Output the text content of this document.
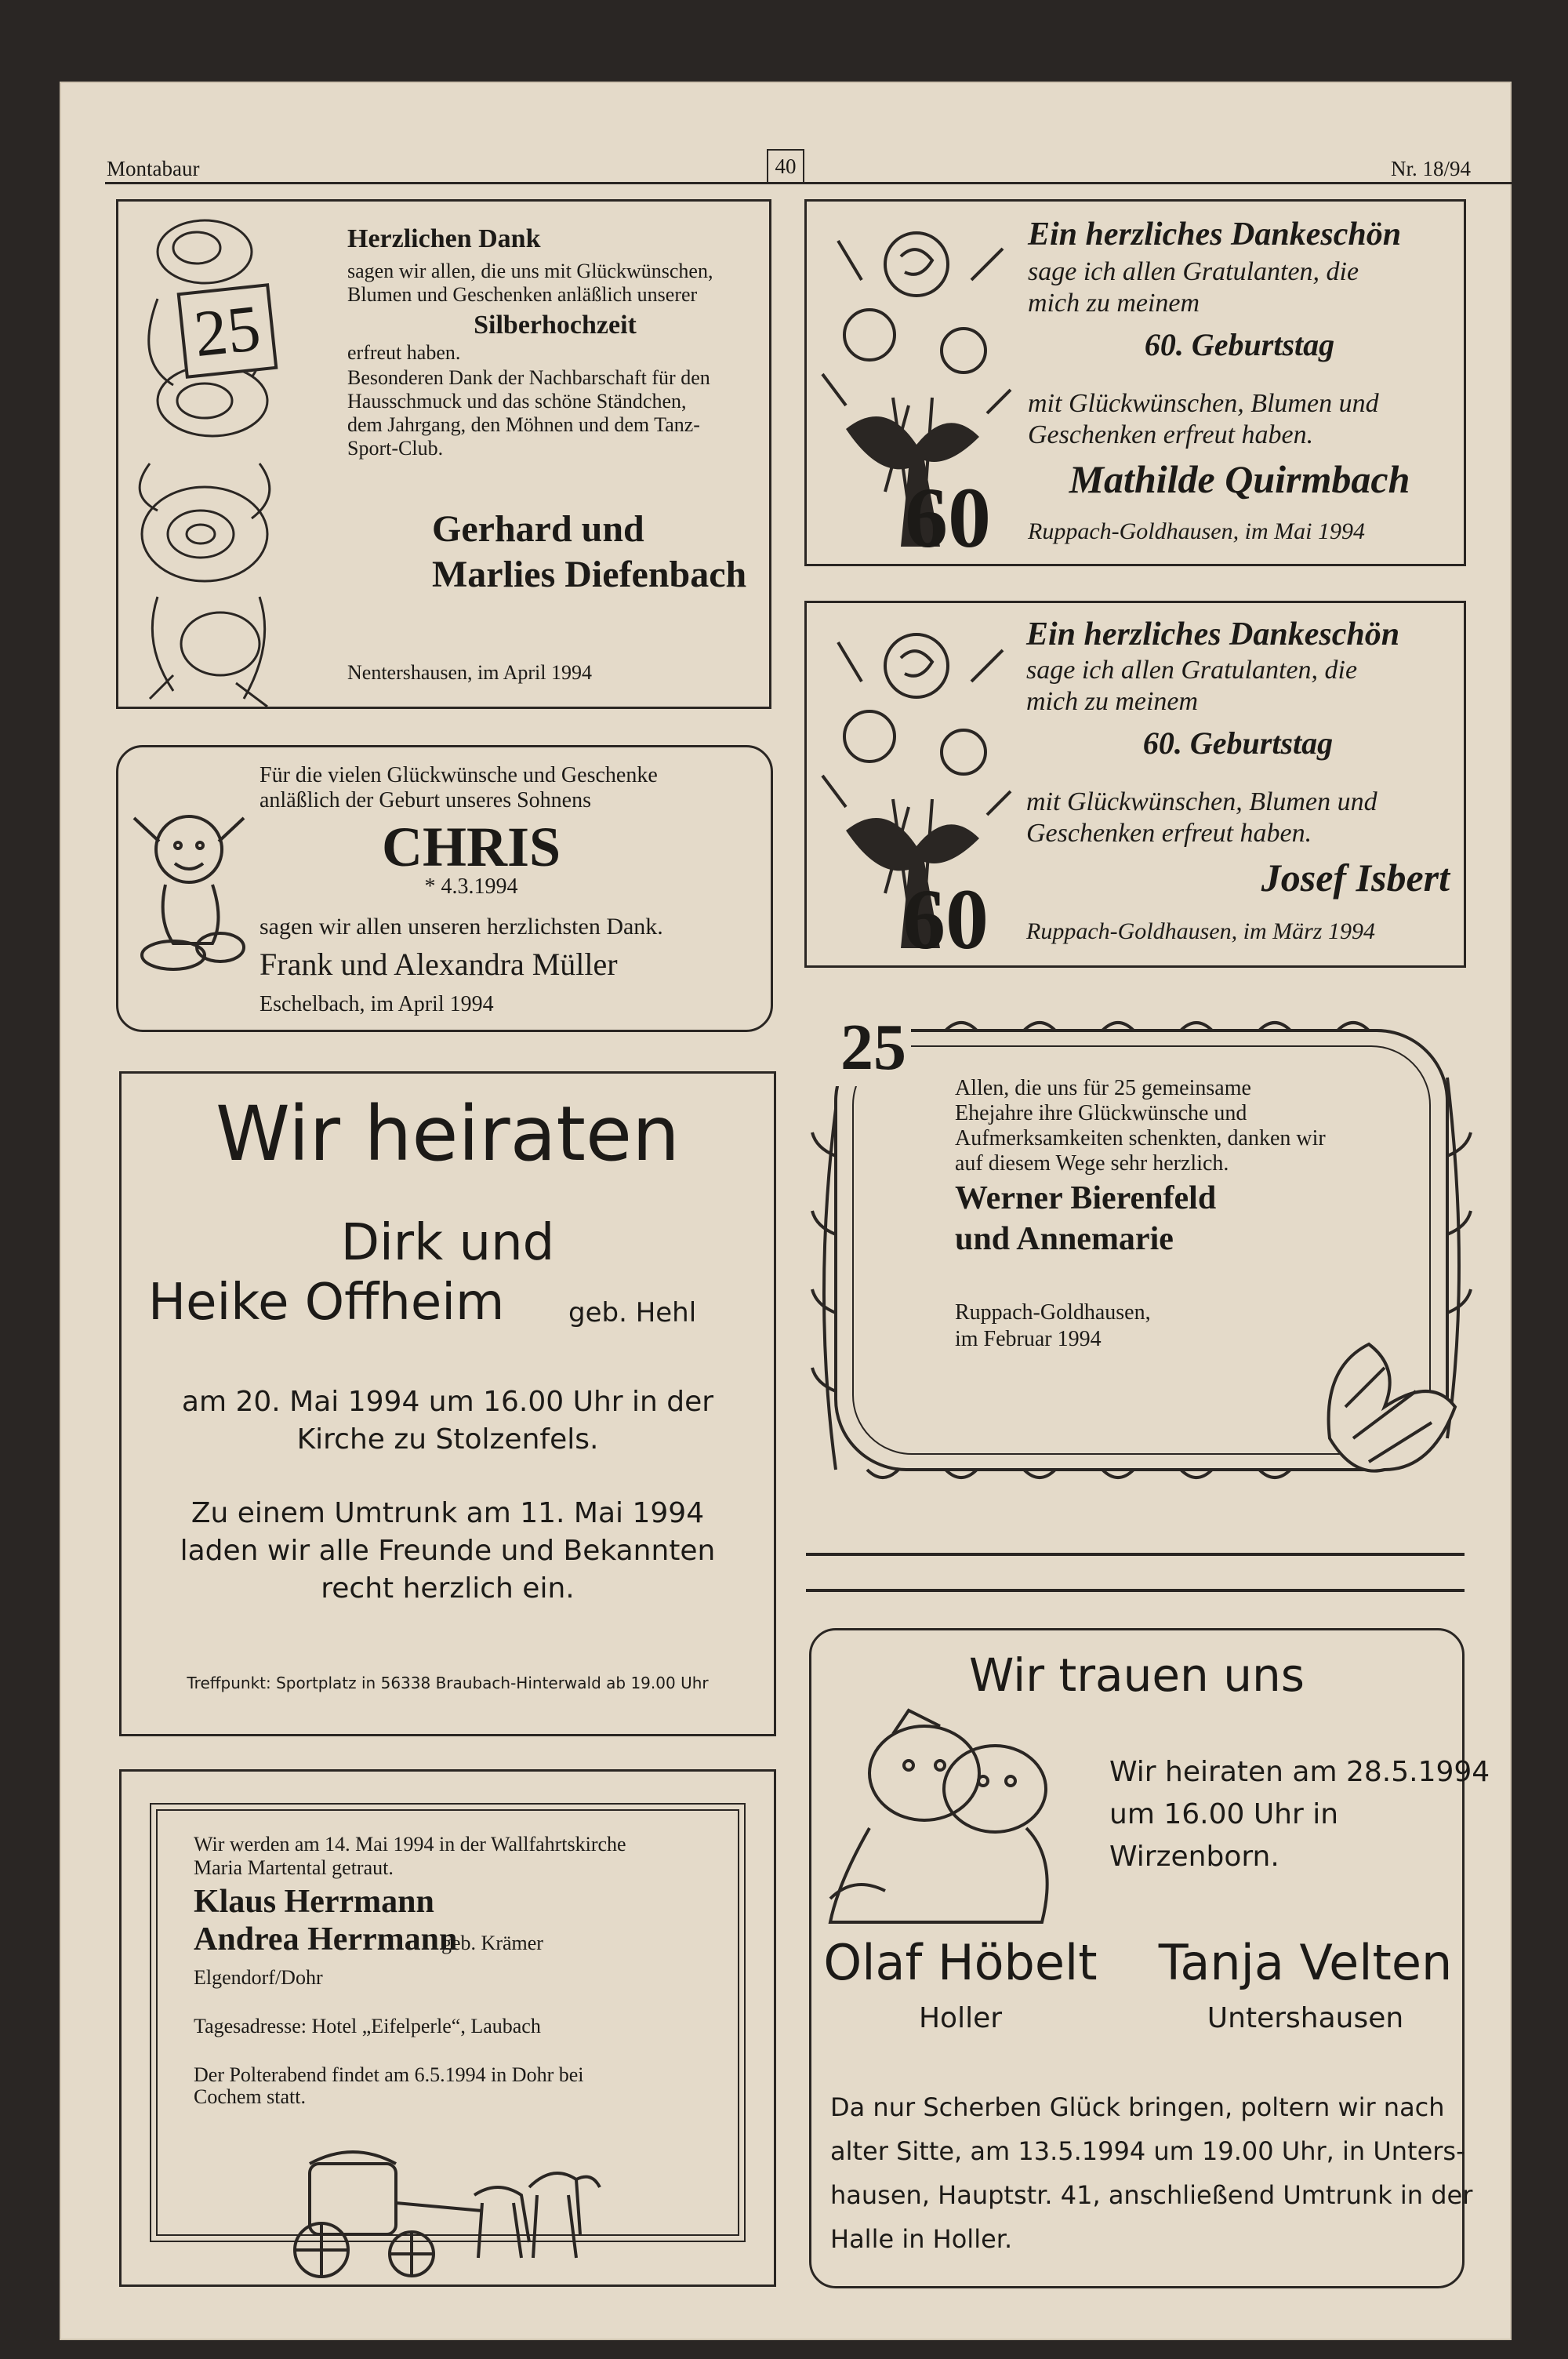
Montabaur	40	Nr. 18/94
25
Herzlichen Dank
sagen wir allen, die uns mit Glückwünschen,
Blumen und Geschenken anläßlich unserer
Silberhochzeit
erfreut haben.
Besonderen Dank der Nachbarschaft für den
Hausschmuck und das schöne Ständchen,
dem Jahrgang, den Möhnen und dem Tanz-
Sport-Club.
Gerhard und
Marlies Diefenbach
Nentershausen, im April 1994
60
Ein herzliches Dankeschön
sage ich allen Gratulanten, die
mich zu meinem
60. Geburtstag
mit Glückwünschen, Blumen und
Geschenken erfreut haben.
Mathilde Quirmbach
Ruppach-Goldhausen, im Mai 1994
60
Ein herzliches Dankeschön
sage ich allen Gratulanten, die
mich zu meinem
60. Geburtstag
mit Glückwünschen, Blumen und
Geschenken erfreut haben.
Josef Isbert
Ruppach-Goldhausen, im März 1994
Für die vielen Glückwünsche und Geschenke
anläßlich der Geburt unseres Sohnens
CHRIS
* 4.3.1994
sagen wir allen unseren herzlichsten Dank.
Frank und Alexandra Müller
Eschelbach, im April 1994
25
Allen, die uns für 25 gemeinsame
Ehejahre ihre Glückwünsche und
Aufmerksamkeiten schenkten, danken wir
auf diesem Wege sehr herzlich.
Werner Bierenfeld
und Annemarie
Ruppach-Goldhausen,
im Februar 1994
Wir heiraten
Dirk und
Heike Offheim geb. Hehl
am 20. Mai 1994 um 16.00 Uhr in der
Kirche zu Stolzenfels.
Zu einem Umtrunk am 11. Mai 1994
laden wir alle Freunde und Bekannten
recht herzlich ein.
Treffpunkt: Sportplatz in 56338 Braubach-Hinterwald ab 19.00 Uhr
Wir werden am 14. Mai 1994 in der Wallfahrtskirche
Maria Martental getraut.
Klaus Herrmann
Andrea Herrmann
geb. Krämer
Elgendorf/Dohr
Tagesadresse: Hotel „Eifelperle“, Laubach
Der Polterabend findet am 6.5.1994 in Dohr bei
Cochem statt.
Wir trauen uns
Wir heiraten am 28.5.1994
um 16.00 Uhr in
Wirzenborn.
Olaf Höbelt
Holler
Tanja Velten
Untershausen
Da nur Scherben Glück bringen, poltern wir nach
alter Sitte, am 13.5.1994 um 19.00 Uhr, in Unters-
hausen, Hauptstr. 41, anschließend Umtrunk in der
Halle in Holler.
